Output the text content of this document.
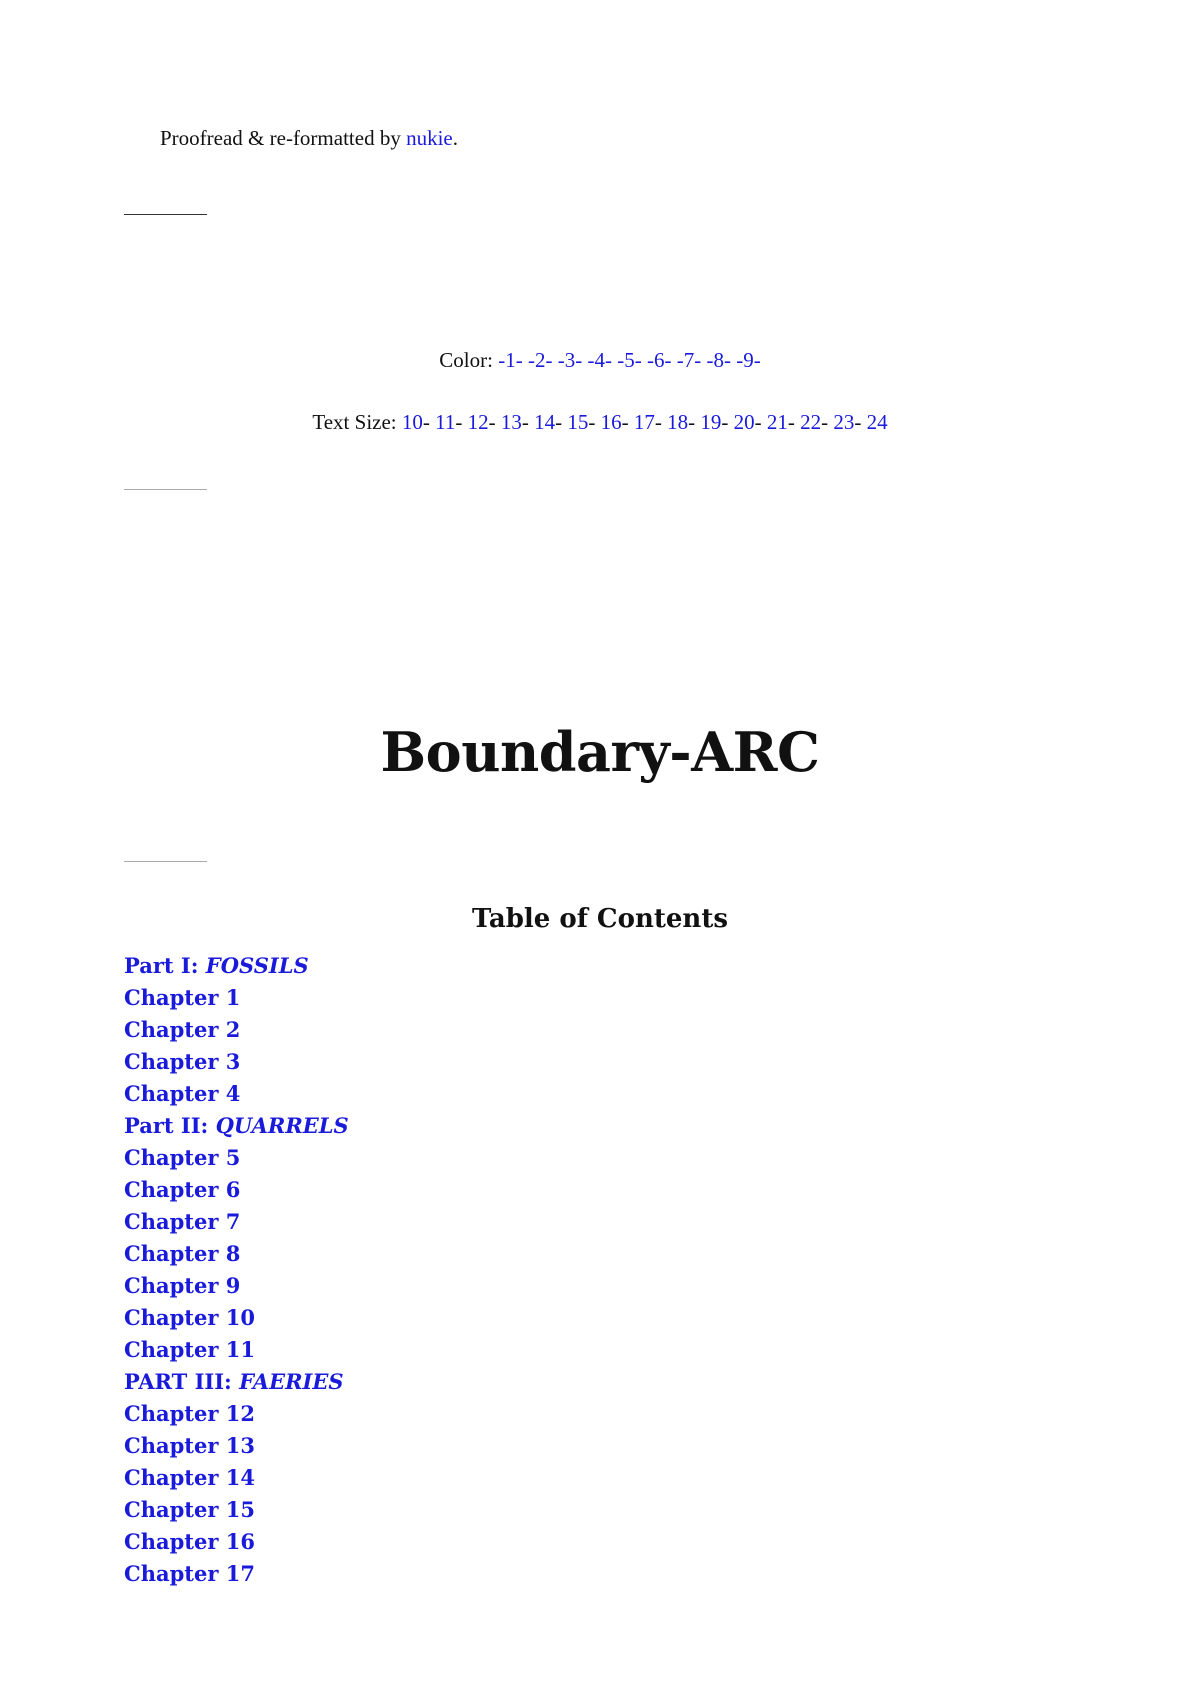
Proofread & re-formatted by nukie.
Color: -1- -2- -3- -4- -5- -6- -7- -8- -9-
Text Size: 10- 11- 12- 13- 14- 15- 16- 17- 18- 19- 20- 21- 22- 23- 24
Boundary-ARC
Table of Contents
Part I: FOSSILS
Chapter 1
Chapter 2
Chapter 3
Chapter 4
Part II: QUARRELS
Chapter 5
Chapter 6
Chapter 7
Chapter 8
Chapter 9
Chapter 10
Chapter 11
PART III: FAERIES
Chapter 12
Chapter 13
Chapter 14
Chapter 15
Chapter 16
Chapter 17
